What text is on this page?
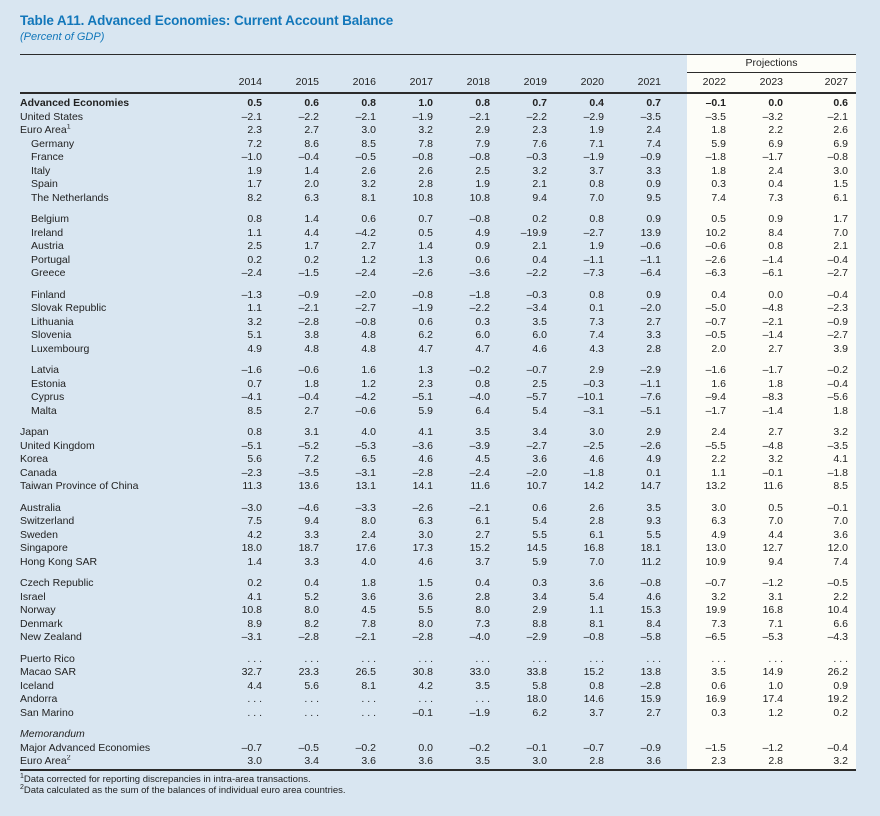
Table A11. Advanced Economies: Current Account Balance
(Percent of GDP)
										Projections		
	2014	2015	2016	2017	2018	2019	2020	2021		2022	2023	2027
Advanced Economies	0.5	0.6	0.8	1.0	0.8	0.7	0.4	0.7		–0.1	0.0	0.6
United States	–2.1	–2.2	–2.1	–1.9	–2.1	–2.2	–2.9	–3.5		–3.5	–3.2	–2.1
Euro Area$^1$	2.3	2.7	3.0	3.2	2.9	2.3	1.9	2.4		1.8	2.2	2.6
Germany	7.2	8.6	8.5	7.8	7.9	7.6	7.1	7.4		5.9	6.9	6.9
France	–1.0	–0.4	–0.5	–0.8	–0.8	–0.3	–1.9	–0.9		–1.8	–1.7	–0.8
Italy	1.9	1.4	2.6	2.6	2.5	3.2	3.7	3.3		1.8	2.4	3.0
Spain	1.7	2.0	3.2	2.8	1.9	2.1	0.8	0.9		0.3	0.4	1.5
The Netherlands	8.2	6.3	8.1	10.8	10.8	9.4	7.0	9.5		7.4	7.3	6.1

Belgium	0.8	1.4	0.6	0.7	–0.8	0.2	0.8	0.9		0.5	0.9	1.7
Ireland	1.1	4.4	–4.2	0.5	4.9	–19.9	–2.7	13.9		10.2	8.4	7.0
Austria	2.5	1.7	2.7	1.4	0.9	2.1	1.9	–0.6		–0.6	0.8	2.1
Portugal	0.2	0.2	1.2	1.3	0.6	0.4	–1.1	–1.1		–2.6	–1.4	–0.4
Greece	–2.4	–1.5	–2.4	–2.6	–3.6	–2.2	–7.3	–6.4		–6.3	–6.1	–2.7

Finland	–1.3	–0.9	–2.0	–0.8	–1.8	–0.3	0.8	0.9		0.4	0.0	–0.4
Slovak Republic	1.1	–2.1	–2.7	–1.9	–2.2	–3.4	0.1	–2.0		–5.0	–4.8	–2.3
Lithuania	3.2	–2.8	–0.8	0.6	0.3	3.5	7.3	2.7		–0.7	–2.1	–0.9
Slovenia	5.1	3.8	4.8	6.2	6.0	6.0	7.4	3.3		–0.5	–1.4	–2.7
Luxembourg	4.9	4.8	4.8	4.7	4.7	4.6	4.3	2.8		2.0	2.7	3.9

Latvia	–1.6	–0.6	1.6	1.3	–0.2	–0.7	2.9	–2.9		–1.6	–1.7	–0.2
Estonia	0.7	1.8	1.2	2.3	0.8	2.5	–0.3	–1.1		1.6	1.8	–0.4
Cyprus	–4.1	–0.4	–4.2	–5.1	–4.0	–5.7	–10.1	–7.6		–9.4	–8.3	–5.6
Malta	8.5	2.7	–0.6	5.9	6.4	5.4	–3.1	–5.1		–1.7	–1.4	1.8

Japan	0.8	3.1	4.0	4.1	3.5	3.4	3.0	2.9		2.4	2.7	3.2
United Kingdom	–5.1	–5.2	–5.3	–3.6	–3.9	–2.7	–2.5	–2.6		–5.5	–4.8	–3.5
Korea	5.6	7.2	6.5	4.6	4.5	3.6	4.6	4.9		2.2	3.2	4.1
Canada	–2.3	–3.5	–3.1	–2.8	–2.4	–2.0	–1.8	0.1		1.1	–0.1	–1.8
Taiwan Province of China	11.3	13.6	13.1	14.1	11.6	10.7	14.2	14.7		13.2	11.6	8.5

Australia	–3.0	–4.6	–3.3	–2.6	–2.1	0.6	2.6	3.5		3.0	0.5	–0.1
Switzerland	7.5	9.4	8.0	6.3	6.1	5.4	2.8	9.3		6.3	7.0	7.0
Sweden	4.2	3.3	2.4	3.0	2.7	5.5	6.1	5.5		4.9	4.4	3.6
Singapore	18.0	18.7	17.6	17.3	15.2	14.5	16.8	18.1		13.0	12.7	12.0
Hong Kong SAR	1.4	3.3	4.0	4.6	3.7	5.9	7.0	11.2		10.9	9.4	7.4

Czech Republic	0.2	0.4	1.8	1.5	0.4	0.3	3.6	–0.8		–0.7	–1.2	–0.5
Israel	4.1	5.2	3.6	3.6	2.8	3.4	5.4	4.6		3.2	3.1	2.2
Norway	10.8	8.0	4.5	5.5	8.0	2.9	1.1	15.3		19.9	16.8	10.4
Denmark	8.9	8.2	7.8	8.0	7.3	8.8	8.1	8.4		7.3	7.1	6.6
New Zealand	–3.1	–2.8	–2.1	–2.8	–4.0	–2.9	–0.8	–5.8		–6.5	–5.3	–4.3

Puerto Rico	. . .	. . .	. . .	. . .	. . .	. . .	. . .	. . .		. . .	. . .	. . .
Macao SAR	32.7	23.3	26.5	30.8	33.0	33.8	15.2	13.8		3.5	14.9	26.2
Iceland	4.4	5.6	8.1	4.2	3.5	5.8	0.8	–2.8		0.6	1.0	0.9
Andorra	. . .	. . .	. . .	. . .	. . .	18.0	14.6	15.9		16.9	17.4	19.2
San Marino	. . .	. . .	. . .	–0.1	–1.9	6.2	3.7	2.7		0.3	1.2	0.2

Memorandum												
Major Advanced Economies	–0.7	–0.5	–0.2	0.0	–0.2	–0.1	–0.7	–0.9		–1.5	–1.2	–0.4
Euro Area$^2$	3.0	3.4	3.6	3.6	3.5	3.0	2.8	3.6		2.3	2.8	3.2
$^1$Data corrected for reporting discrepancies in intra-area transactions.
$^2$Data calculated as the sum of the balances of individual euro area countries.
